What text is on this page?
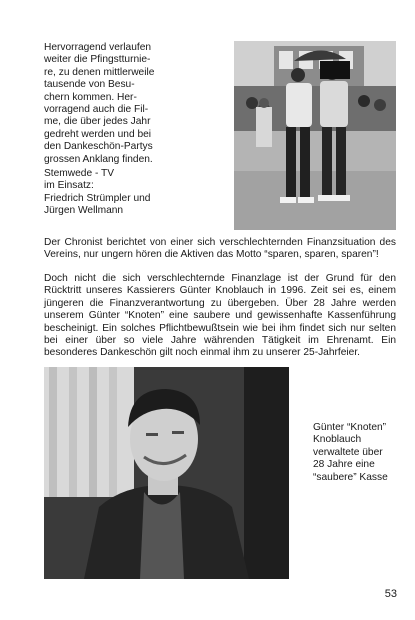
Hervorragend verlaufen
weiter die Pfingstturnie-
re, zu denen mittlerweile
tausende von Besu-
chern kommen. Her-
vorragend auch die Fil-
me, die über jedes Jahr
gedreht werden und bei
den Dankeschön-Partys
grossen Anklang finden.
Stemwede - TV
im Einsatz:
Friedrich Strümpler und
Jürgen Wellmann

Der Chronist berichtet von einer sich verschlechternden Finanzsituation des Vereins, nur ungern hören die Aktiven das Motto “sparen, sparen, sparen”!

Doch nicht die sich verschlechternde Finanzlage ist der Grund für den Rücktritt unseres Kassierers Günter Knoblauch in 1996. Zeit sei es, einem jüngeren die Finanzverantwortung zu übergeben. Über 28 Jahre werden unserem Günter “Knoten” eine saubere und gewissenhafte Kassenführung bescheinigt. Ein solches Pflichtbewußtsein wie bei ihm findet sich nur selten bei einer über so viele Jahre währenden Tätigkeit im Ehrenamt. Ein besonderes Dankeschön gilt noch einmal ihm zu unserer 25-Jahrfeier.

Günter “Knoten”
Knoblauch
verwaltete über
28 Jahre eine
“saubere” Kasse
53
